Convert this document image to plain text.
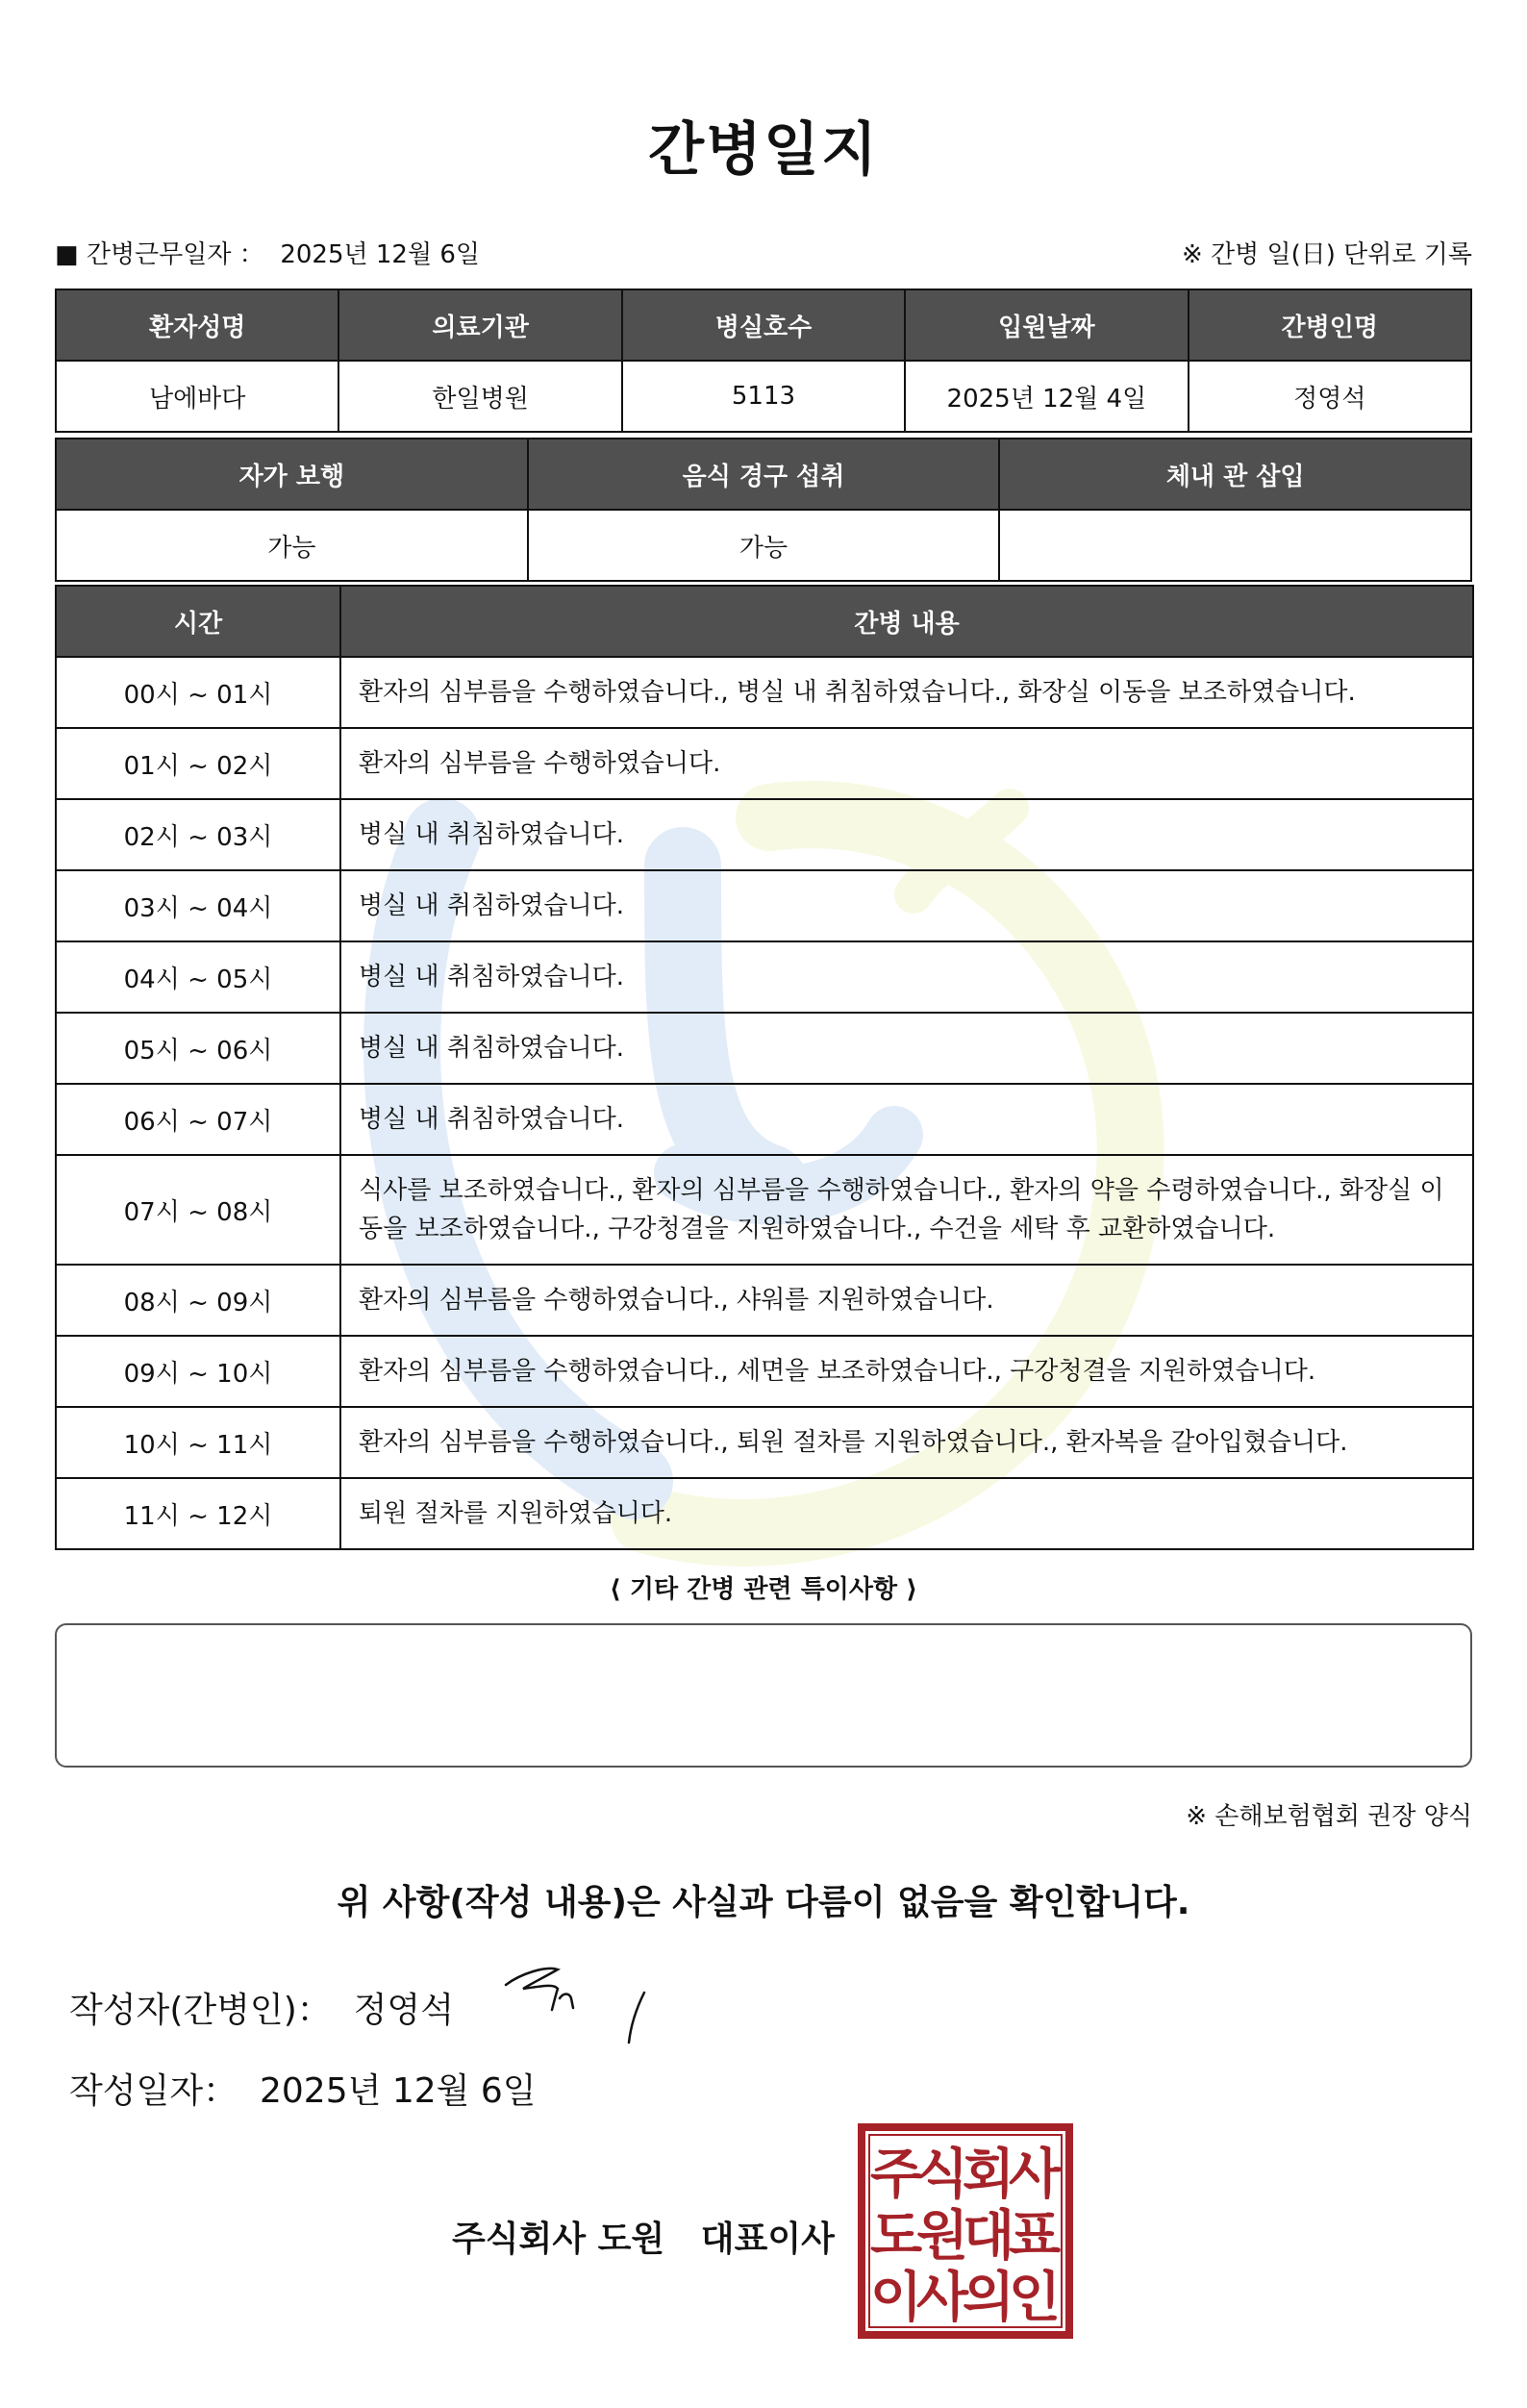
간병일지
■ 간병근무일자 ： 2025년 12월 6일	※ 간병 일(日) 단위로 기록
환자성명	의료기관	병실호수	입원날짜	간병인명
남에바다	한일병원	5113	2025년 12월 4일	정영석
자가 보행	음식 경구 섭취	체내 관 삽입
가능	가능	
시간	간병 내용
00시 ~ 01시	환자의 심부름을 수행하였습니다., 병실 내 취침하였습니다., 화장실 이동을 보조하였습니다.
01시 ~ 02시	환자의 심부름을 수행하였습니다.
02시 ~ 03시	병실 내 취침하였습니다.
03시 ~ 04시	병실 내 취침하였습니다.
04시 ~ 05시	병실 내 취침하였습니다.
05시 ~ 06시	병실 내 취침하였습니다.
06시 ~ 07시	병실 내 취침하였습니다.
07시 ~ 08시	식사를 보조하였습니다., 환자의 심부름을 수행하였습니다., 환자의 약을 수령하였습니다., 화장실 이동을 보조하였습니다., 구강청결을 지원하였습니다., 수건을 세탁 후 교환하였습니다.
08시 ~ 09시	환자의 심부름을 수행하였습니다., 샤워를 지원하였습니다.
09시 ~ 10시	환자의 심부름을 수행하였습니다., 세면을 보조하였습니다., 구강청결을 지원하였습니다.
10시 ~ 11시	환자의 심부름을 수행하였습니다., 퇴원 절차를 지원하였습니다., 환자복을 갈아입혔습니다.
11시 ~ 12시	퇴원 절차를 지원하였습니다.
⟨ 기타 간병 관련 특이사항 ⟩
※ 손해보험협회 권장 양식
위 사항(작성 내용)은 사실과 다름이 없음을 확인합니다.
작성자(간병인)： 정영석
작성일자： 2025년 12월 6일
주식회사 도원   대표이사
주
식
회
사
도
원
대
표
이
사
의
인
